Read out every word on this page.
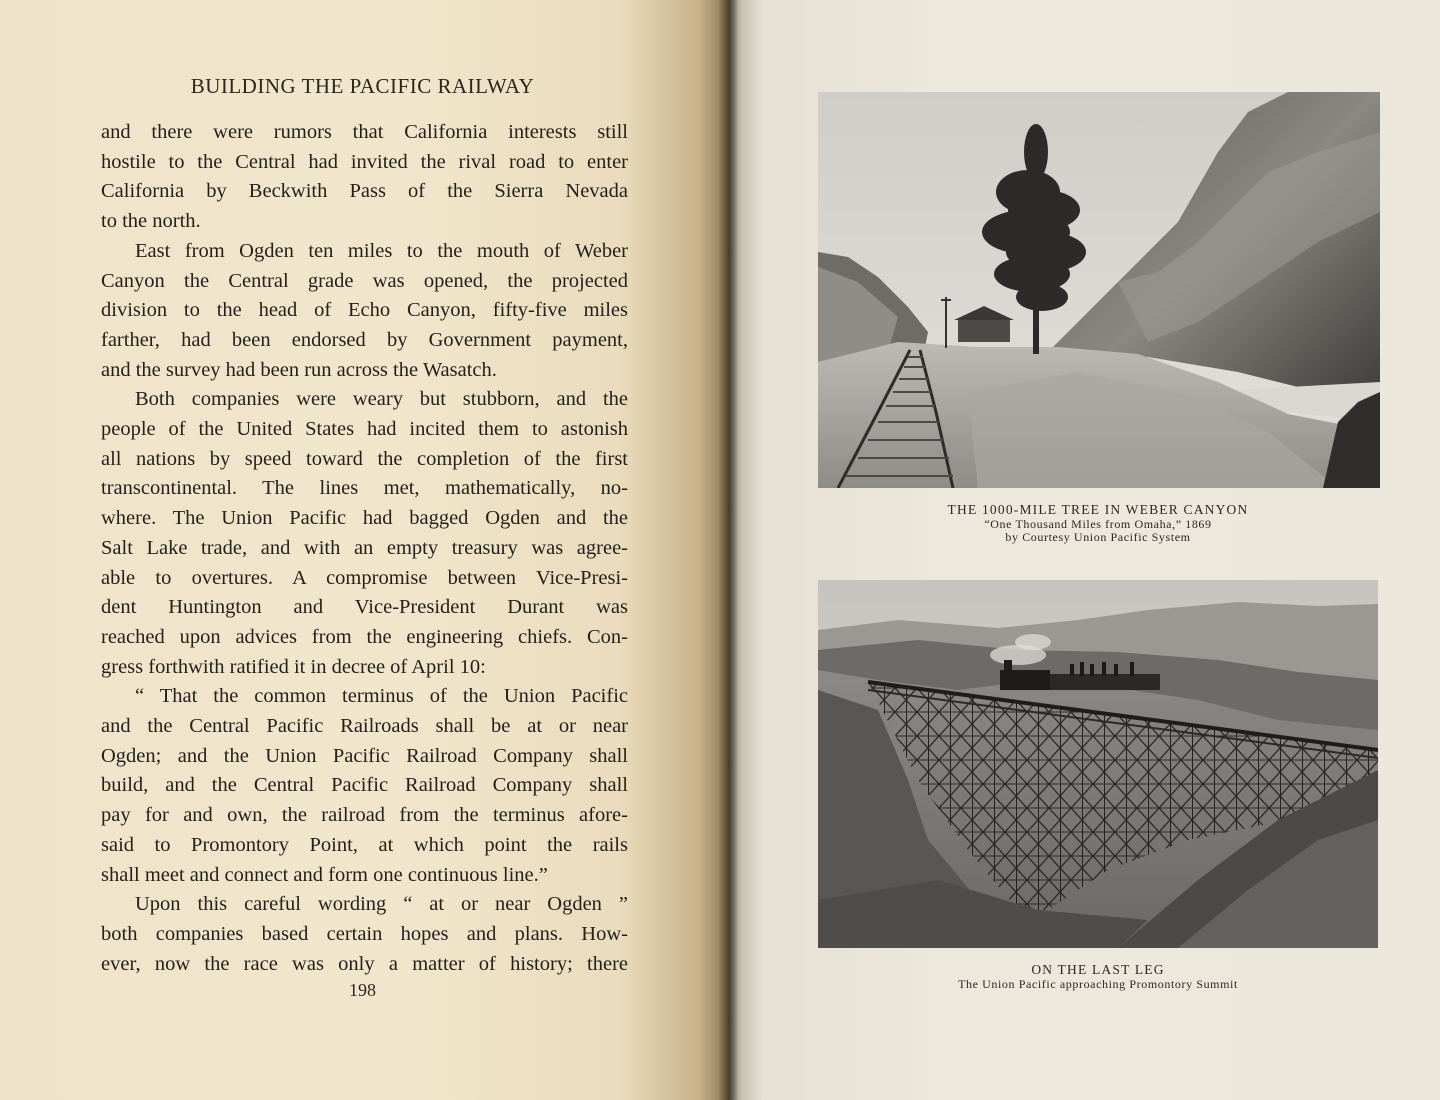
BUILDING THE PACIFIC RAILWAY

and there were rumors that California interests still

hostile to the Central had invited the rival road to enter

California by Beckwith Pass of the Sierra Nevada

to the north.

East from Ogden ten miles to the mouth of Weber

Canyon the Central grade was opened, the projected

division to the head of Echo Canyon, fifty-five miles

farther, had been endorsed by Government payment,

and the survey had been run across the Wasatch.

Both companies were weary but stubborn, and the

people of the United States had incited them to astonish

all nations by speed toward the completion of the first

transcontinental. The lines met, mathematically, no-

where. The Union Pacific had bagged Ogden and the

Salt Lake trade, and with an empty treasury was agree-

able to overtures. A compromise between Vice-Presi-

dent Huntington and Vice-President Durant was

reached upon advices from the engineering chiefs. Con-

gress forthwith ratified it in decree of April 10:

“ That the common terminus of the Union Pacific

and the Central Pacific Railroads shall be at or near

Ogden; and the Union Pacific Railroad Company shall

build, and the Central Pacific Railroad Company shall

pay for and own, the railroad from the terminus afore-

said to Promontory Point, at which point the rails

shall meet and connect and form one continuous line.”

Upon this careful wording “ at or near Ogden ”

both companies based certain hopes and plans. How-

ever, now the race was only a matter of history; there

198
THE 1000-MILE TREE IN WEBER CANYON
“One Thousand Miles from Omaha,” 1869
by Courtesy Union Pacific System
ON THE LAST LEG
The Union Pacific approaching Promontory Summit
